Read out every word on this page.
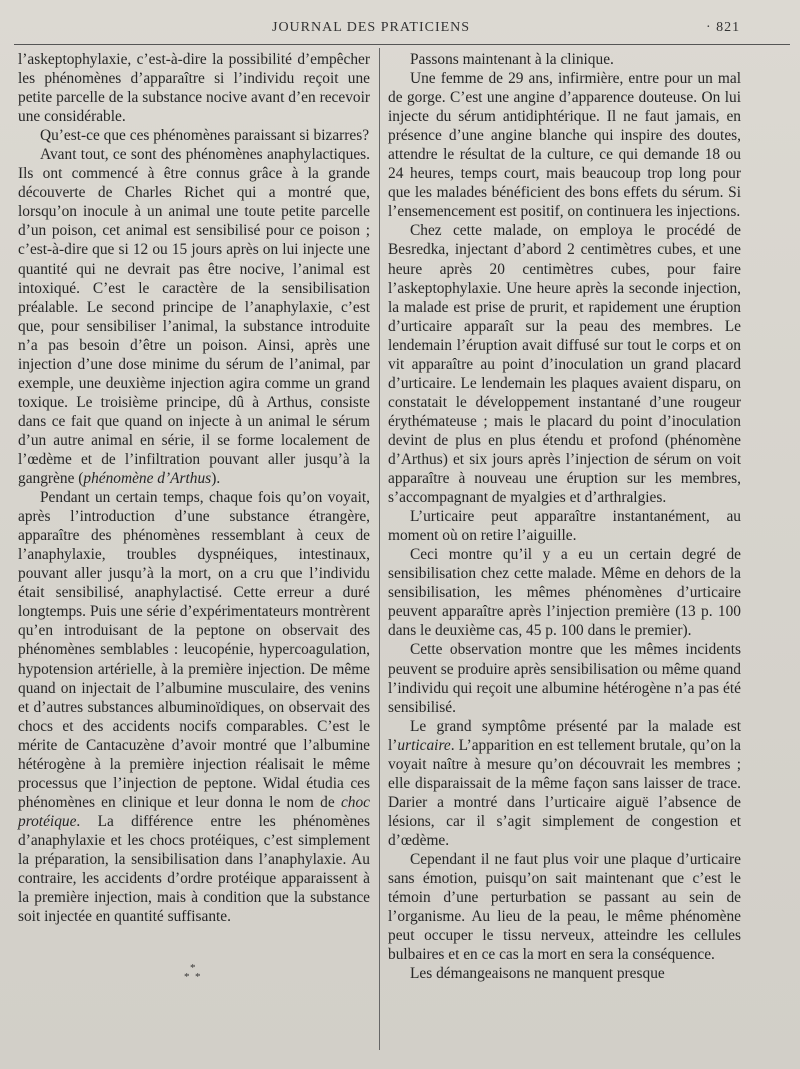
JOURNAL DES PRATICIENS	· 821

l’askeptophylaxie, c’est-à-dire la possibilité d’empêcher les phénomènes d’apparaître si l’individu reçoit une petite parcelle de la substance nocive avant d’en recevoir une considérable.

Qu’est-ce que ces phénomènes paraissant si bizarres?

Avant tout, ce sont des phénomènes anaphylactiques. Ils ont commencé à être connus grâce à la grande découverte de Charles Richet qui a montré que, lorsqu’on inocule à un animal une toute petite parcelle d’un poison, cet animal est sensibilisé pour ce poison ; c’est-à-dire que si 12 ou 15 jours après on lui injecte une quantité qui ne devrait pas être nocive, l’animal est intoxiqué. C’est le caractère de la sensibilisation préalable. Le second principe de l’anaphylaxie, c’est que, pour sensibiliser l’animal, la substance introduite n’a pas besoin d’être un poison. Ainsi, après une injection d’une dose minime du sérum de l’animal, par exemple, une deuxième injection agira comme un grand toxique. Le troisième principe, dû à Arthus, consiste dans ce fait que quand on injecte à un animal le sérum d’un autre animal en série, il se forme localement de l’œdème et de l’infiltration pouvant aller jusqu’à la gangrène (phénomène d’Arthus).

Pendant un certain temps, chaque fois qu’on voyait, après l’introduction d’une substance étrangère, apparaître des phénomènes ressemblant à ceux de l’anaphylaxie, troubles dyspnéiques, intestinaux, pouvant aller jusqu’à la mort, on a cru que l’individu était sensibilisé, anaphylactisé. Cette erreur a duré longtemps. Puis une série d’expérimentateurs montrèrent qu’en introduisant de la peptone on observait des phénomènes semblables : leucopénie, hypercoagulation, hypotension artérielle, à la première injection. De même quand on injectait de l’albumine musculaire, des venins et d’autres substances albuminoïdiques, on observait des chocs et des accidents nocifs comparables. C’est le mérite de Cantacuzène d’avoir montré que l’albumine hétérogène à la première injection réalisait le même processus que l’injection de peptone. Widal étudia ces phénomènes en clinique et leur donna le nom de choc protéique. La différence entre les phénomènes d’anaphylaxie et les chocs protéiques, c’est simplement la préparation, la sensibilisation dans l’anaphylaxie. Au contraire, les accidents d’ordre protéique apparaissent à la première injection, mais à condition que la substance soit injectée en quantité suffisante.

*
* *

Passons maintenant à la clinique.

Une femme de 29 ans, infirmière, entre pour un mal de gorge. C’est une angine d’apparence douteuse. On lui injecte du sérum antidiphtérique. Il ne faut jamais, en présence d’une angine blanche qui inspire des doutes, attendre le résultat de la culture, ce qui demande 18 ou 24 heures, temps court, mais beaucoup trop long pour que les malades bénéficient des bons effets du sérum. Si l’ensemencement est positif, on continuera les injections.

Chez cette malade, on employa le procédé de Besredka, injectant d’abord 2 centimètres cubes, et une heure après 20 centimètres cubes, pour faire l’askeptophylaxie. Une heure après la seconde injection, la malade est prise de prurit, et rapidement une éruption d’urticaire apparaît sur la peau des membres. Le lendemain l’éruption avait diffusé sur tout le corps et on vit apparaître au point d’inoculation un grand placard d’urticaire. Le lendemain les plaques avaient disparu, on constatait le développement instantané d’une rougeur érythémateuse ; mais le placard du point d’inoculation devint de plus en plus étendu et profond (phénomène d’Arthus) et six jours après l’injection de sérum on voit apparaître à nouveau une éruption sur les membres, s’accompagnant de myalgies et d’arthralgies.

L’urticaire peut apparaître instantanément, au moment où on retire l’aiguille.

Ceci montre qu’il y a eu un certain degré de sensibilisation chez cette malade. Même en dehors de la sensibilisation, les mêmes phénomènes d’urticaire peuvent apparaître après l’injection première (13 p. 100 dans le deuxième cas, 45 p. 100 dans le premier).

Cette observation montre que les mêmes incidents peuvent se produire après sensibilisation ou même quand l’individu qui reçoit une albumine hétérogène n’a pas été sensibilisé.

Le grand symptôme présenté par la malade est l’urticaire. L’apparition en est tellement brutale, qu’on la voyait naître à mesure qu’on découvrait les membres ; elle disparaissait de la même façon sans laisser de trace. Darier a montré dans l’urticaire aiguë l’absence de lésions, car il s’agit simplement de congestion et d’œdème.

Cependant il ne faut plus voir une plaque d’urticaire sans émotion, puisqu’on sait maintenant que c’est le témoin d’une perturbation se passant au sein de l’organisme. Au lieu de la peau, le même phénomène peut occuper le tissu nerveux, atteindre les cellules bulbaires et en ce cas la mort en sera la conséquence.

Les démangeaisons ne manquent presque
